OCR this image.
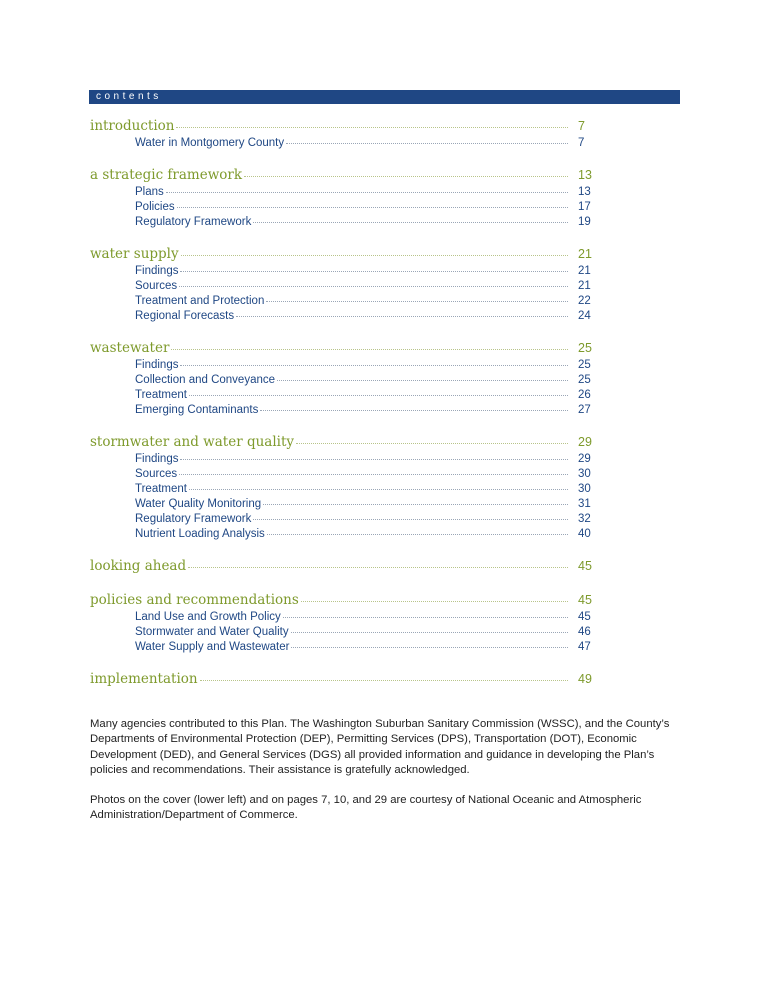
contents
introduction	7
Water in Montgomery County	7
a strategic framework	13
Plans	13
Policies	17
Regulatory Framework	19
water supply	21
Findings	21
Sources	21
Treatment and Protection	22
Regional Forecasts	24
wastewater	25
Findings	25
Collection and Conveyance	25
Treatment	26
Emerging Contaminants	27
stormwater and water quality	29
Findings	29
Sources	30
Treatment	30
Water Quality Monitoring	31
Regulatory Framework	32
Nutrient Loading Analysis	40
looking ahead	45
policies and recommendations	45
Land Use and Growth Policy	45
Stormwater and Water Quality	46
Water Supply and Wastewater	47
implementation	49

Many agencies contributed to this Plan. The Washington Suburban Sanitary Commission (WSSC), and the County’s Departments of Environmental Protection (DEP), Permitting Services (DPS), Transportation (DOT), Economic Development (DED), and General Services (DGS) all provided information and guidance in developing the Plan’s policies and recommendations. Their assistance is gratefully acknowledged.

Photos on the cover (lower left) and on pages 7, 10, and 29 are courtesy of National Oceanic and Atmospheric Administration/Department of Commerce.
